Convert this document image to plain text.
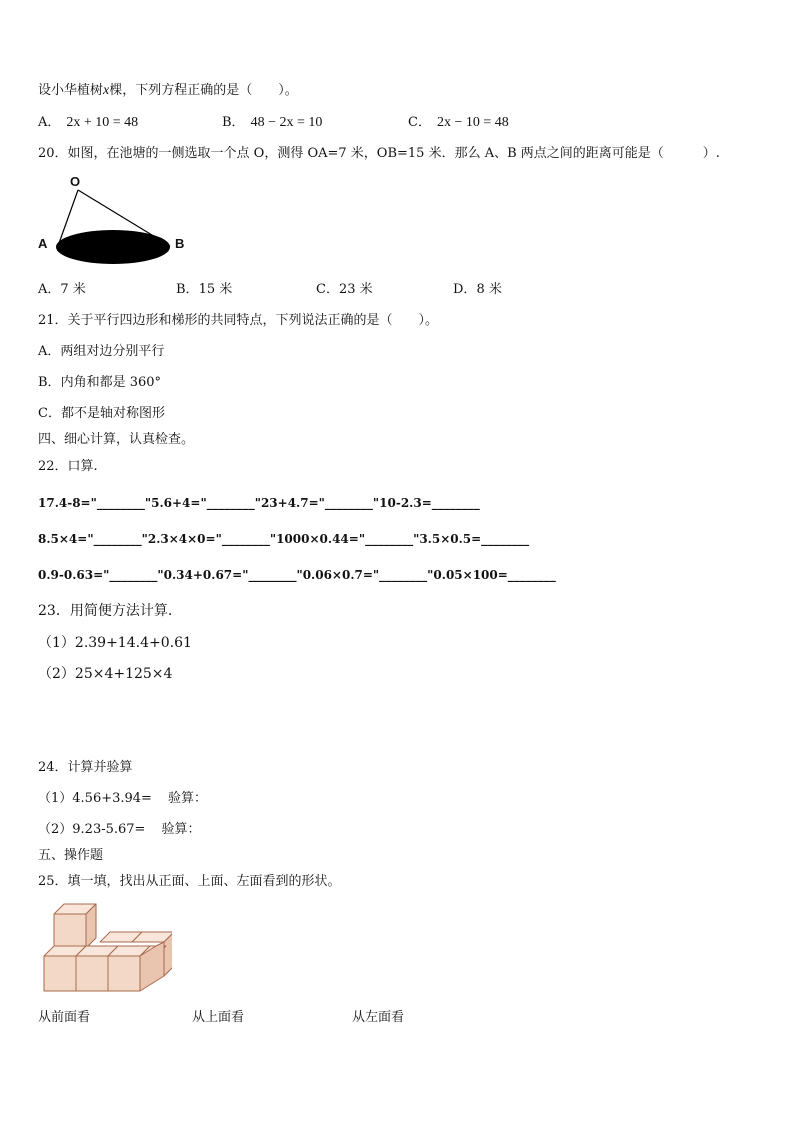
设小华植树x棵，下列方程正确的是（　　）。
A． 2x + 10 = 48	B． 48 − 2x = 10	C． 2x − 10 = 48
20．如图，在池塘的一侧选取一个点 O，测得 OA=7 米，OB=15 米．那么 A、B 两点之间的距离可能是（　　　）.
O
A	B
A．7 米	B．15 米	C．23 米	D．8 米
21．关于平行四边形和梯形的共同特点，下列说法正确的是（　　）。
A．两组对边分别平行
B．内角和都是 360°
C．都不是轴对称图形
四、细心计算，认真检查。
22．口算.
17.4-8="________"5.6+4="________"23+4.7="________"10-2.3=________
8.5×4="________"2.3×4×0="________"1000×0.44="________"3.5×0.5=________
0.9-0.63="________"0.34+0.67="________"0.06×0.7="________"0.05×100=________
23．用简便方法计算.
（1）2.39+14.4+0.61
（2）25×4+125×4
24．计算并验算
（1）4.56+3.94= 验算：
（2）9.23-5.67= 验算：
五、操作题
25．填一填，找出从正面、上面、左面看到的形状。
从前面看	从上面看	从左面看
